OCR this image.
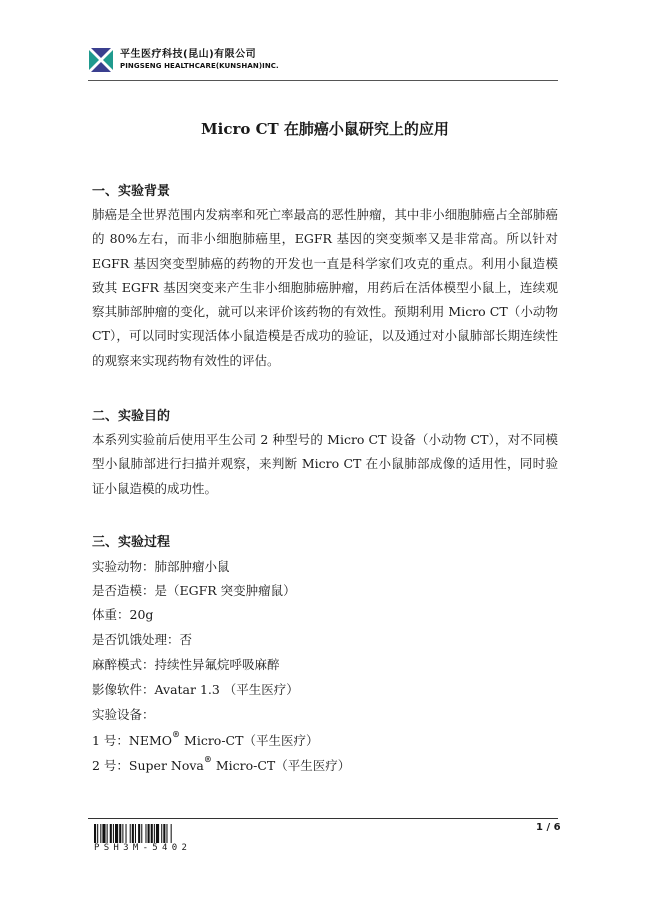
平生医疗科技(昆山)有限公司
PINGSENG HEALTHCARE(KUNSHAN)INC.
Micro CT 在肺癌小鼠研究上的应用
一、实验背景
肺癌是全世界范围内发病率和死亡率最高的恶性肿瘤，其中非小细胞肺癌占全部肺癌的 80%左右，而非小细胞肺癌里，EGFR 基因的突变频率又是非常高。所以针对 EGFR 基因突变型肺癌的药物的开发也一直是科学家们攻克的重点。利用小鼠造模致其 EGFR 基因突变来产生非小细胞肺癌肿瘤，用药后在活体模型小鼠上，连续观察其肺部肿瘤的变化，就可以来评价该药物的有效性。预期利用 Micro CT（小动物 CT），可以同时实现活体小鼠造模是否成功的验证，以及通过对小鼠肺部长期连续性的观察来实现药物有效性的评估。
二、实验目的
本系列实验前后使用平生公司 2 种型号的 Micro CT 设备（小动物 CT），对不同模型小鼠肺部进行扫描并观察，来判断 Micro CT 在小鼠肺部成像的适用性，同时验证小鼠造模的成功性。
三、实验过程
实验动物：肺部肿瘤小鼠
是否造模：是（EGFR 突变肿瘤鼠）
体重：20g
是否饥饿处理：否
麻醉模式：持续性异氟烷呼吸麻醉
影像软件：Avatar 1.3 （平生医疗）
实验设备：
1 号：NEMO® Micro-CT（平生医疗）
2 号：Super Nova® Micro-CT（平生医疗）
1 / 6
PSH3M-5402
